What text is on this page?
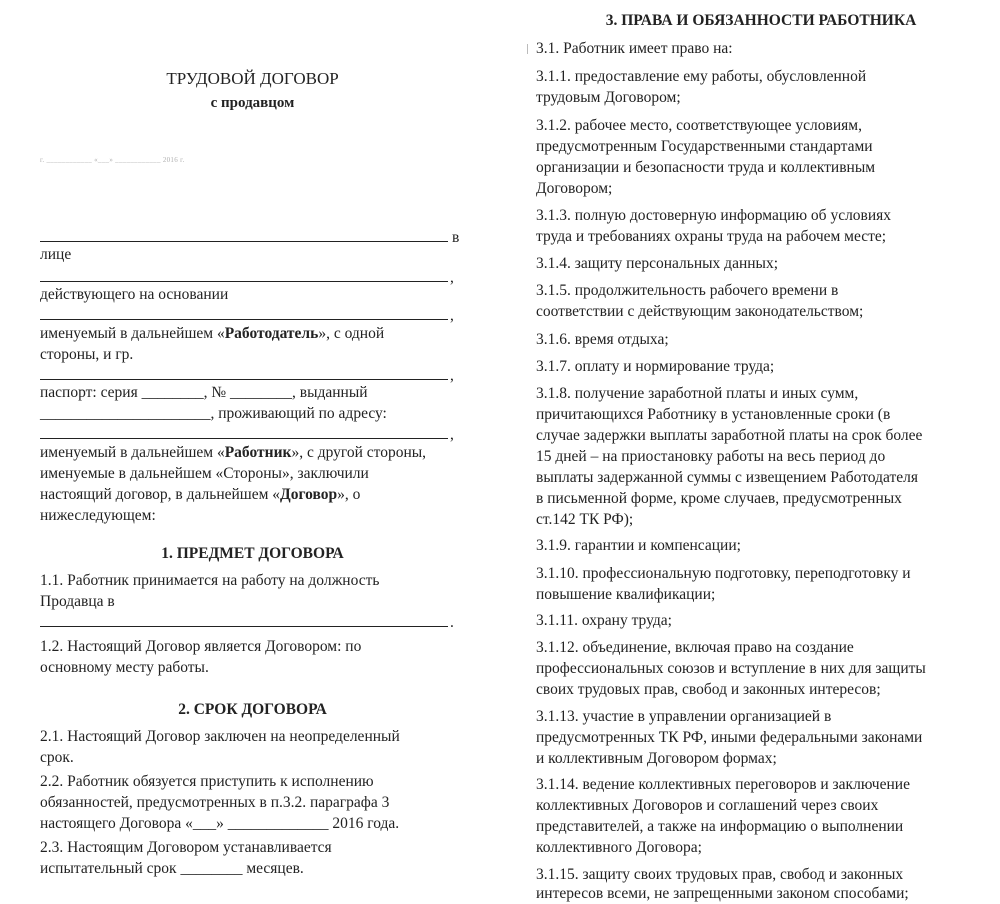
ТРУДОВОЙ ДОГОВОР
с продавцом
г. ____________ «___» ____________ 2016 г.
в
лице
,
действующего на основании
,
именуемый в дальнейшем «Работодатель», с одной
стороны, и гр.
,
паспорт: серия ________, № ________, выданный
______________________, проживающий по адресу:
,
именуемый в дальнейшем «Работник», с другой стороны,
именуемые в дальнейшем «Стороны», заключили
настоящий договор, в дальнейшем «Договор», о
нижеследующем:
1. ПРЕДМЕТ ДОГОВОРА
1.1. Работник принимается на работу на должность
Продавца в
.
1.2. Настоящий Договор является Договором: по
основному месту работы.
2. СРОК ДОГОВОРА
2.1. Настоящий Договор заключен на неопределенный
срок.
2.2. Работник обязуется приступить к исполнению
обязанностей, предусмотренных в п.3.2. параграфа 3
настоящего Договора «___» _____________ 2016 года.
2.3. Настоящим Договором устанавливается
испытательный срок ________ месяцев.
3. ПРАВА И ОБЯЗАННОСТИ РАБОТНИКА
3.1. Работник имеет право на:
3.1.1. предоставление ему работы, обусловленной
трудовым Договором;
3.1.2. рабочее место, соответствующее условиям,
предусмотренным Государственными стандартами
организации и безопасности труда и коллективным
Договором;
3.1.3. полную достоверную информацию об условиях
труда и требованиях охраны труда на рабочем месте;
3.1.4. защиту персональных данных;
3.1.5. продолжительность рабочего времени в
соответствии с действующим законодательством;
3.1.6. время отдыха;
3.1.7. оплату и нормирование труда;
3.1.8. получение заработной платы и иных сумм,
причитающихся Работнику в установленные сроки (в
случае задержки выплаты заработной платы на срок более
15 дней – на приостановку работы на весь период до
выплаты задержанной суммы с извещением Работодателя
в письменной форме, кроме случаев, предусмотренных
ст.142 ТК РФ);
3.1.9. гарантии и компенсации;
3.1.10. профессиональную подготовку, переподготовку и
повышение квалификации;
3.1.11. охрану труда;
3.1.12. объединение, включая право на создание
профессиональных союзов и вступление в них для защиты
своих трудовых прав, свобод и законных интересов;
3.1.13. участие в управлении организацией в
предусмотренных ТК РФ, иными федеральными законами
и коллективным Договором формах;
3.1.14. ведение коллективных переговоров и заключение
коллективных Договоров и соглашений через своих
представителей, а также на информацию о выполнении
коллективного Договора;
3.1.15. защиту своих трудовых прав, свобод и законных
интересов всеми, не запрещенными законом способами;
